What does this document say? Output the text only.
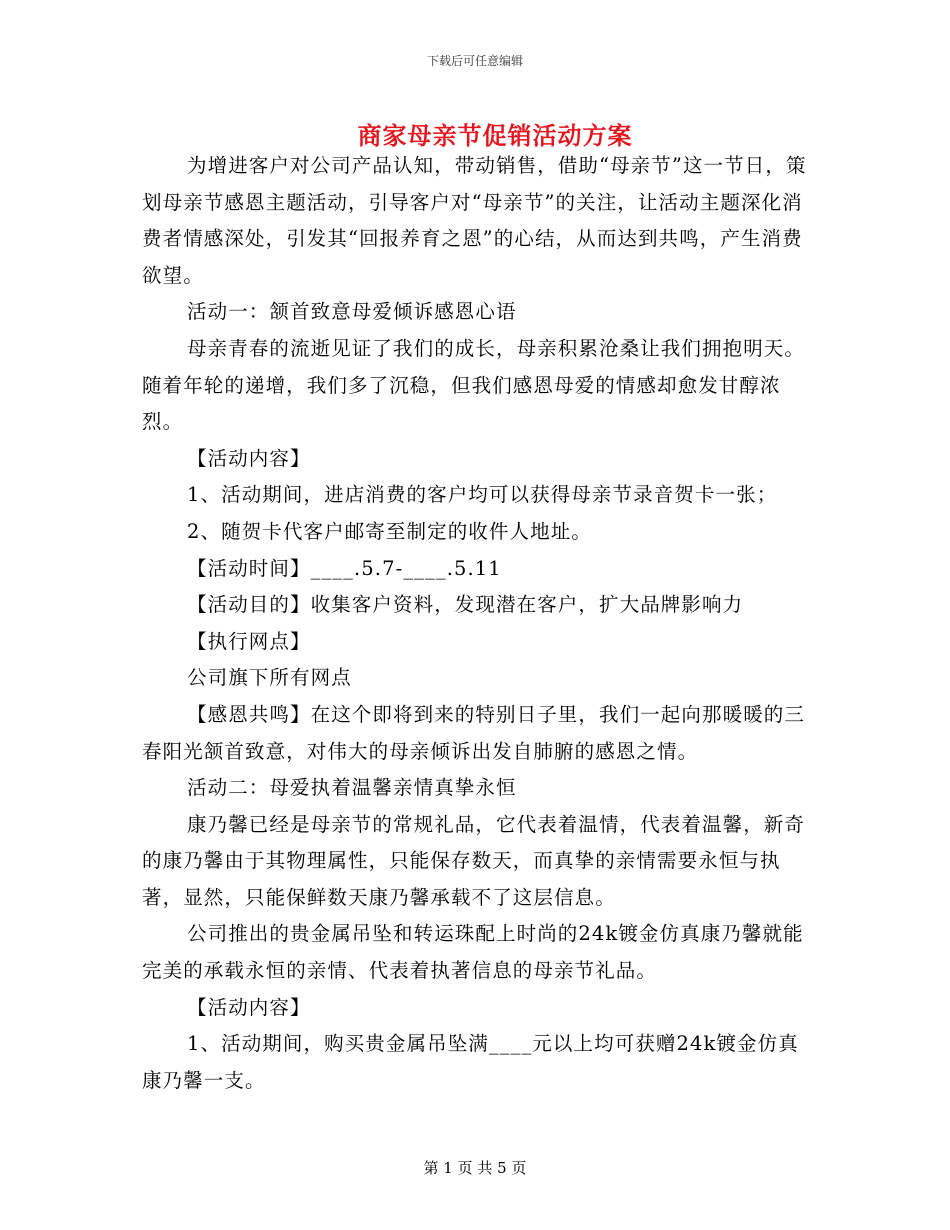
下载后可任意编辑
商家母亲节促销活动方案

为增进客户对公司产品认知，带动销售，借助“母亲节”这一节日，策划母亲节感恩主题活动，引导客户对“母亲节”的关注，让活动主题深化消费者情感深处，引发其“回报养育之恩”的心结，从而达到共鸣，产生消费欲望。

活动一：颔首致意母爱倾诉感恩心语

母亲青春的流逝见证了我们的成长，母亲积累沧桑让我们拥抱明天。随着年轮的递增，我们多了沉稳，但我们感恩母爱的情感却愈发甘醇浓烈。

【活动内容】

1、活动期间，进店消费的客户均可以获得母亲节录音贺卡一张；

2、随贺卡代客户邮寄至制定的收件人地址。

【活动时间】____.5.7-____.5.11

【活动目的】收集客户资料，发现潜在客户，扩大品牌影响力

【执行网点】

公司旗下所有网点

【感恩共鸣】在这个即将到来的特别日子里，我们一起向那暖暖的三春阳光颔首致意，对伟大的母亲倾诉出发自肺腑的感恩之情。

活动二：母爱执着温馨亲情真挚永恒

康乃馨已经是母亲节的常规礼品，它代表着温情，代表着温馨，新奇的康乃馨由于其物理属性，只能保存数天，而真挚的亲情需要永恒与执著，显然，只能保鲜数天康乃馨承载不了这层信息。

公司推出的贵金属吊坠和转运珠配上时尚的24k镀金仿真康乃馨就能完美的承载永恒的亲情、代表着执著信息的母亲节礼品。

【活动内容】

1、活动期间，购买贵金属吊坠满____元以上均可获赠24k镀金仿真康乃馨一支。

第 1 页 共 5 页
